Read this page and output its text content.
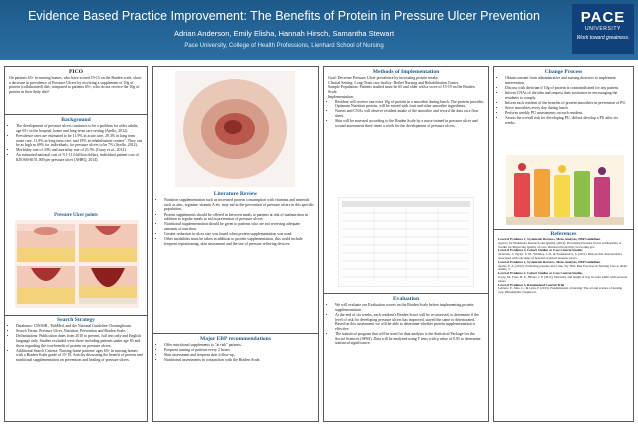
Evidence Based Practice Improvement: The Benefits of Protein in Pressure Ulcer Prevention
Adrian Anderson, Emily Elisha, Hannah Hirsch, Samantha Stewart
Pace University, College of Health Professions, Lienhard School of Nursing
PACE
UNIVERSITY
Work toward greatness.
PICO

On patients 65+ in nursing homes, who have scored 19-15 on the Braden scale, show a decrease in prevalence of Pressure Ulcers by receiving a supplement of 10g of protein (collaborated) diet, compared to patients 65+, who do not receive the 10g of protein in their daily diet?

Background
• The development of pressure ulcers continues to be a problem for older adults, age 65+ in the hospital, home and long-term care setting (Ayello, 2012).
• Prevalence rates are estimated to be 11.9% in acute care, 29.3% in long term acute care, 11.8% in long term care, and 19% in rehabilitation centers". They can be as high as 69% for individuals, for pressure ulcers to be 7% (Ayello, 2012).
• Morbidity rate of 43% and mortality rate of 23.5% (Garry et al., 2012).
• An estimated national cost of 9.1-11.6 billion dollars, individual patient cost of $20,900-$151,000 per pressure ulcer (AHRQ, 2014).
Pressure Ulcer points
Search Strategy
• Databases: CINAHL, PubMed, and the National Guideline Clearinghouse.
• Search Terms: Pressure Ulcer, Nutrition, Prevention and Braden Scale.
• Delimitations: Publication dates from 2010 to present, full text only and English language only. Studies excluded were those including patients under age 65 and those regarding the cost-benefit of protein on pressure ulcers.
• Additional Search Criteria: Nursing home patients' ages 65+ in nursing homes with a Braden Scale grade of 15-19, Articles discussing the benefit of protein and nutritional supplementation on prevention and healing of pressure ulcers.
Literature Review
• Nutrition supplementation such as increased protein consumption with vitamins and minerals such as zinc, arginine, vitamin A etc. may aid in the prevention of pressure ulcers in this specific population.
• Protein supplements should be offered in between meals to patients at risk of malnutrition in addition to regular meals to aid in prevention of pressure ulcers.
• Nutritional supplementation should be given to patients who are not receiving adequate amounts of nutrition.
• Greater reduction in ulcer size was found when protein supplementation was used.
• Other modalities must be taken in addition to protein supplementation, this could include frequent repositioning, skin assessment and the use of pressure relieving devices.
Major EBP recommendations
• Offer nutritional supplements to "at risk" patients.
• Frequent turning of patients every 2 hours.
• Skin assessment and frequent skin follow-up.
• Nutritional assessments in conjunction with the Braden Scale.
Methods of Implementation

Goal: Decrease Pressure Ulcer prevalence by increasing protein intake.

Clinical Setting: Long-Term care facility: Bethel Nursing and Rehabilitation Center.

Sample Population: Patients studied must be 65 and older with a score of 15-19 on the Braden Scale.

Implementation:

• Resident will receive one extra 10g of protein in a smoothie during lunch. The protein provider, Optimum Nutrition protein, will be mixed with fruit and other smoothie ingredients.
• Nurses and CNAs will observe resident intake of the smoothie and record the data on a flow sheet.
• Skin will be assessed according to the Braden Scale by a nurse trained in pressure ulcer and wound assessment three times a week for the development of pressure ulcers.
Evaluation
• We will evaluate our Evaluation scores on the Braden Scale before implementing protein supplementation.
• At the end of six weeks, each resident's Braden Score will be re-assessed, to determine if the level of risk for developing pressure ulcers has improved, stayed the same or deteriorated. Based on this assessment we will be able to determine whether protein supplementation is effective.
• The statistical program that will be used for data analysis is the Statistical Package for the Social Sciences (SPSS). Data will be analyzed using T tests with p value of 0.05 to determine statistical significance.
Change Process
• Obtain consent from administrative and nursing directors to implement intervention.
• Discuss with dietician if 10g of protein is contraindicated for any patient.
• Inform CNAs of the idea and request their assistance in encouraging the residents to comply.
• Inform each resident of the benefits of protein smoothies in prevention of PU.
• Serve smoothies every day during lunch.
• Perform weekly PU assessments on each resident.
• Assess the overall risk for developing PU, did not develop a PU after six weeks.
References

Level of Evidence 1, Systematic Reviews, Meta-Analysis, EBP Guidelines

Agency for Healthcare Research and Quality. (2014). Preventing Pressure Ulcers in Hospitals: A Toolkit for Improving Quality of Care. Retrieved from http://www.ahrq.gov

Level of Evidence 2, Cohort Studies or Case Control Studies

Alderden, J., Taylor, S. M., Whitney, J. D., & Zaratkiewicz, S. (2011). Risk profile characteristics associated with outcomes of hospital-acquired pressure ulcers.

Level of Evidence 1, Systematic Reviews, Meta-Analysis, EBP Guidelines

Ayello, E. A. (2012). Predicting pressure ulcer risk. Try This: Best Practices in Nursing Care to Older Adults, 5.

Level of Evidence 2, Cohort Studies or Case Control Studies

Garry, M., Fries, B. E., Hirdes, J. P. (2012). Mortality, and length of stay in older adults with pressure ulcers.

Level of Evidence 3, Randomized Control Trial

Leblanc, P., Julie, C., & Lynn, P. (2013). Fundamentals of nursing: The art and science of nursing care. Philadelphia: Lippincott.
